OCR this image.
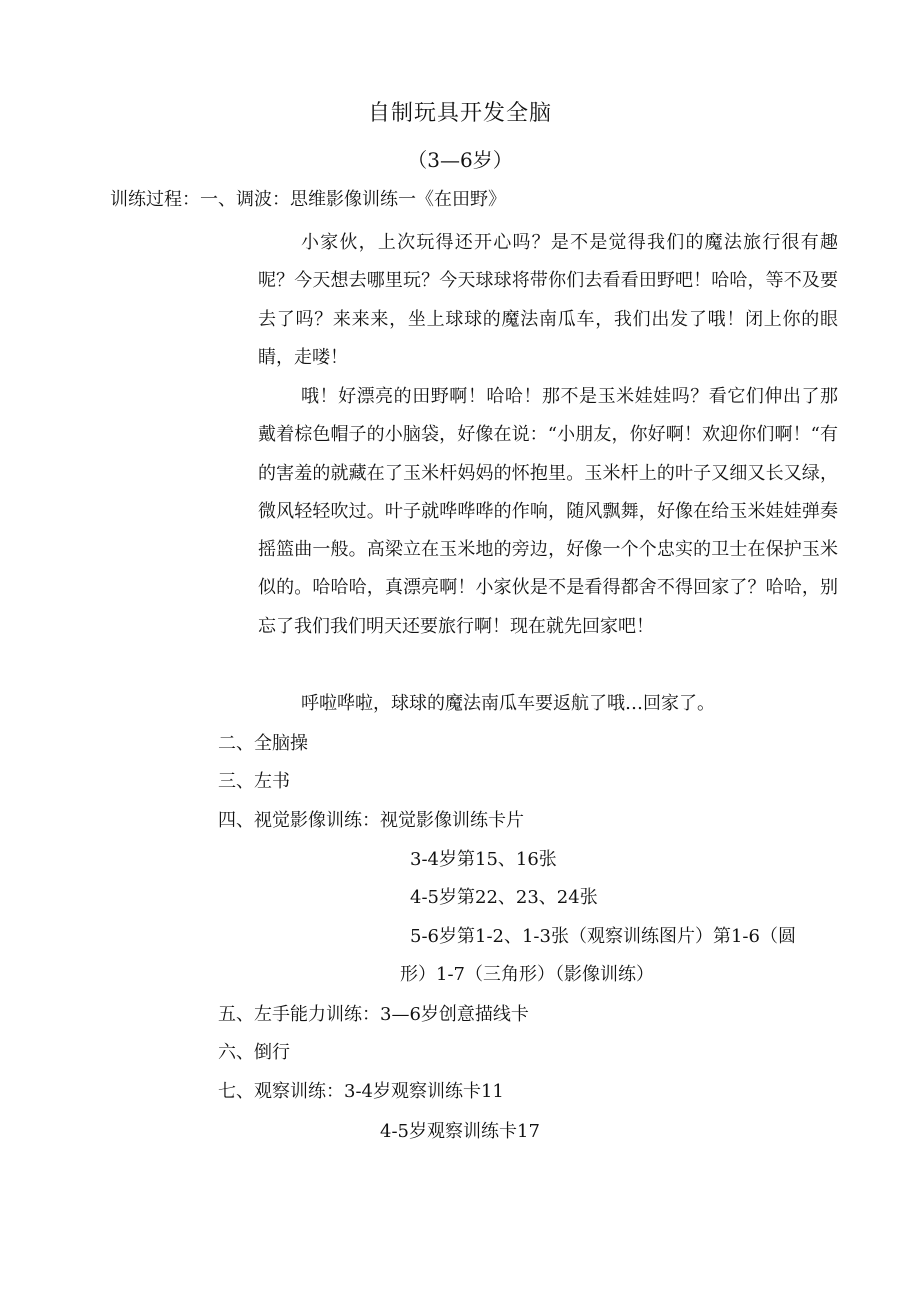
自制玩具开发全脑
（3—6岁）
训练过程：一、调波：思维影像训练一《在田野》
小家伙，上次玩得还开心吗？是不是觉得我们的魔法旅行很有趣呢？今天想去哪里玩？今天球球将带你们去看看田野吧！哈哈，等不及要去了吗？来来来，坐上球球的魔法南瓜车，我们出发了哦！闭上你的眼睛，走喽！
哦！好漂亮的田野啊！哈哈！那不是玉米娃娃吗？看它们伸出了那戴着棕色帽子的小脑袋，好像在说：“小朋友，你好啊！欢迎你们啊！“有的害羞的就藏在了玉米杆妈妈的怀抱里。玉米杆上的叶子又细又长又绿，微风轻轻吹过。叶子就哗哗哗的作响，随风飘舞，好像在给玉米娃娃弹奏摇篮曲一般。高梁立在玉米地的旁边，好像一个个忠实的卫士在保护玉米似的。哈哈哈，真漂亮啊！小家伙是不是看得都舍不得回家了？哈哈，别忘了我们我们明天还要旅行啊！现在就先回家吧！
呼啦哗啦，球球的魔法南瓜车要返航了哦…回家了。
二、全脑操
三、左书
四、视觉影像训练：视觉影像训练卡片
3-4岁第15、16张
4-5岁第22、23、24张
5-6岁第1-2、1-3张（观察训练图片）第1-6（圆
形）1-7（三角形）（影像训练）
五、左手能力训练：3—6岁创意描线卡
六、倒行
七、观察训练：3-4岁观察训练卡11
4-5岁观察训练卡17
